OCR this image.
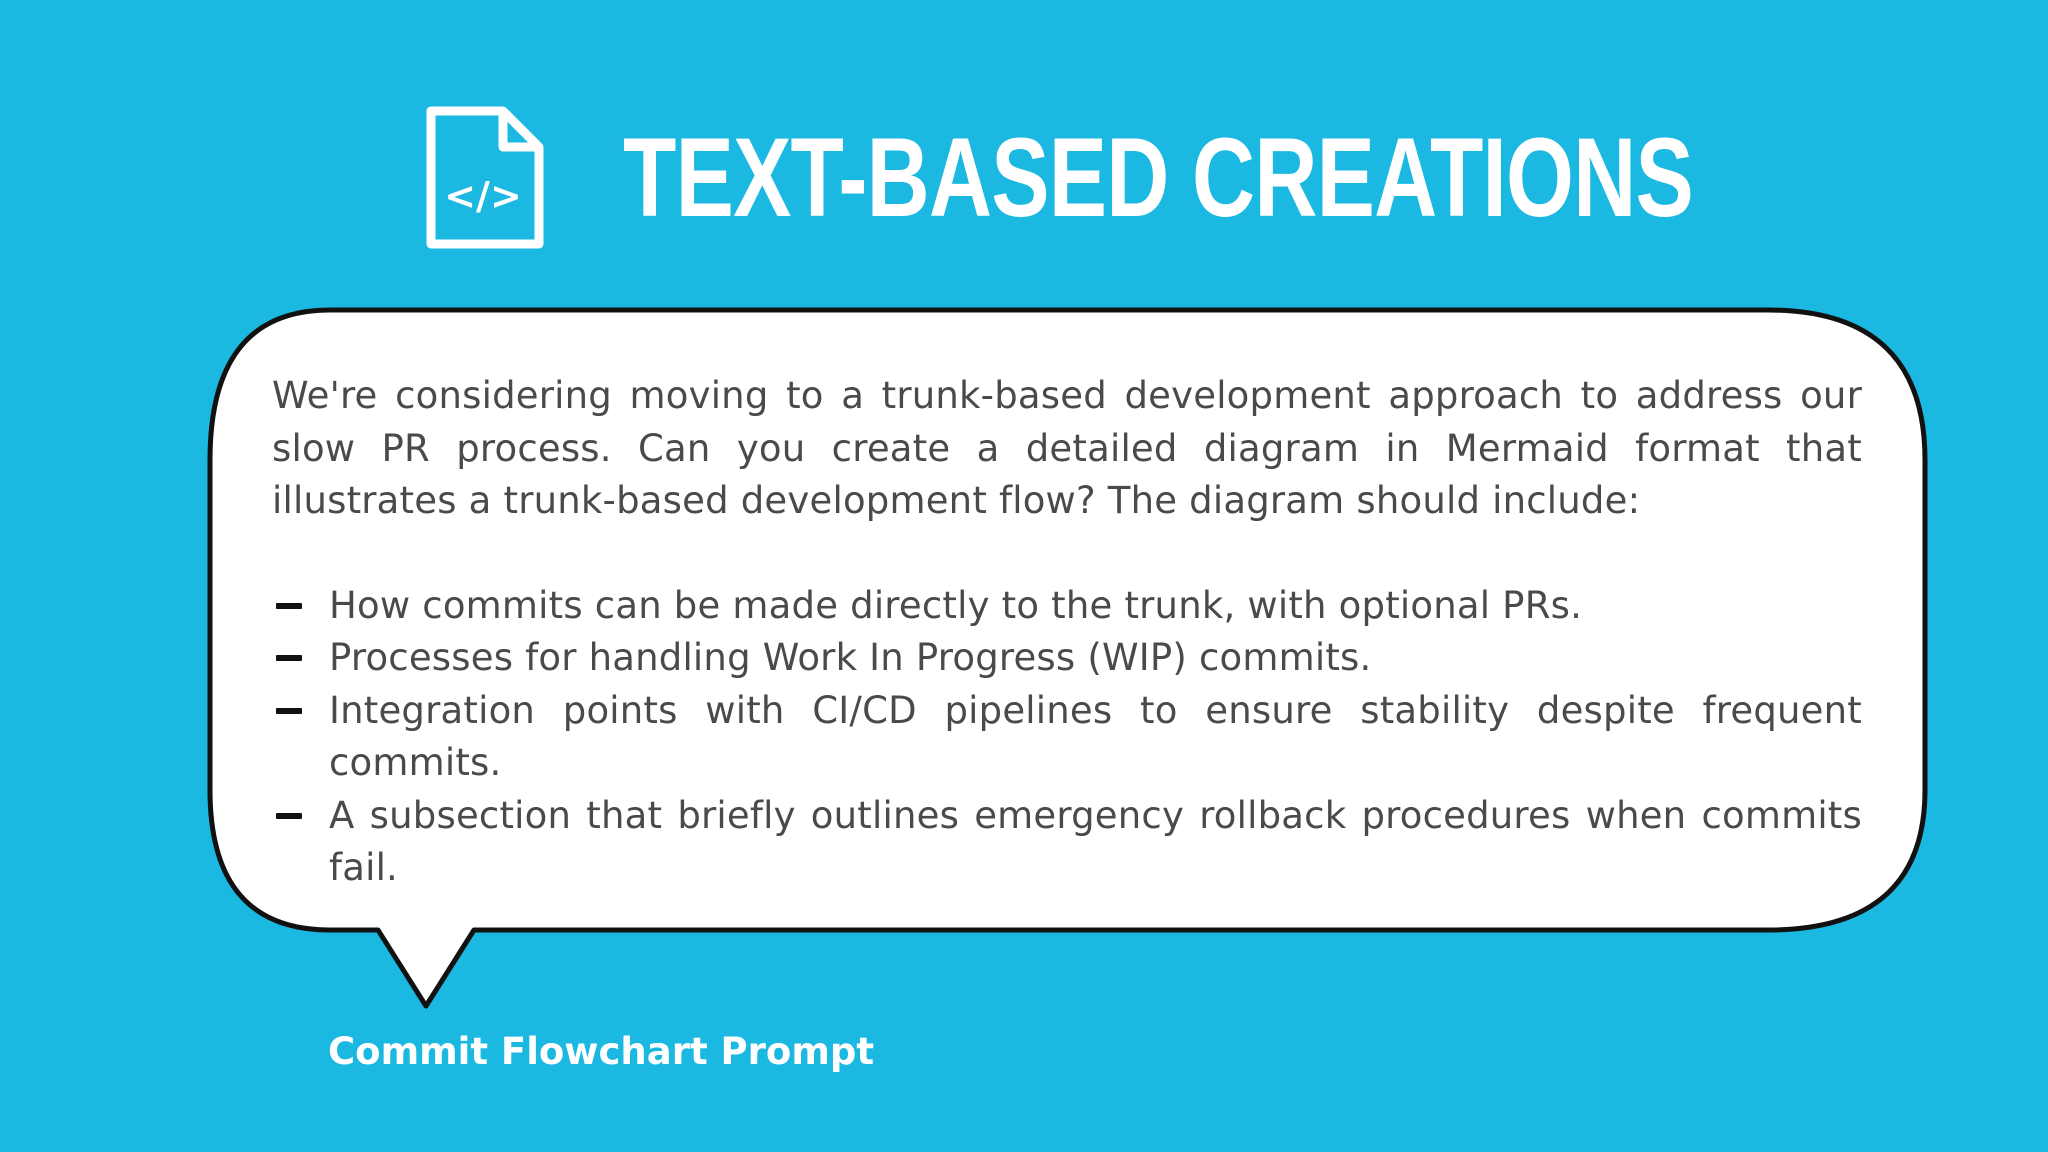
</> TEXT-BASED CREATIONS

We're considering moving to a trunk-based development approach to address our slow PR process. Can you create a detailed diagram in Mermaid format that illustrates a trunk-based development flow? The diagram should include:

How commits can be made directly to the trunk, with optional PRs.
Processes for handling Work In Progress (WIP) commits.
Integration points with CI/CD pipelines to ensure stability despite frequent commits.
A subsection that briefly outlines emergency rollback procedures when commits fail.
Commit Flowchart Prompt
